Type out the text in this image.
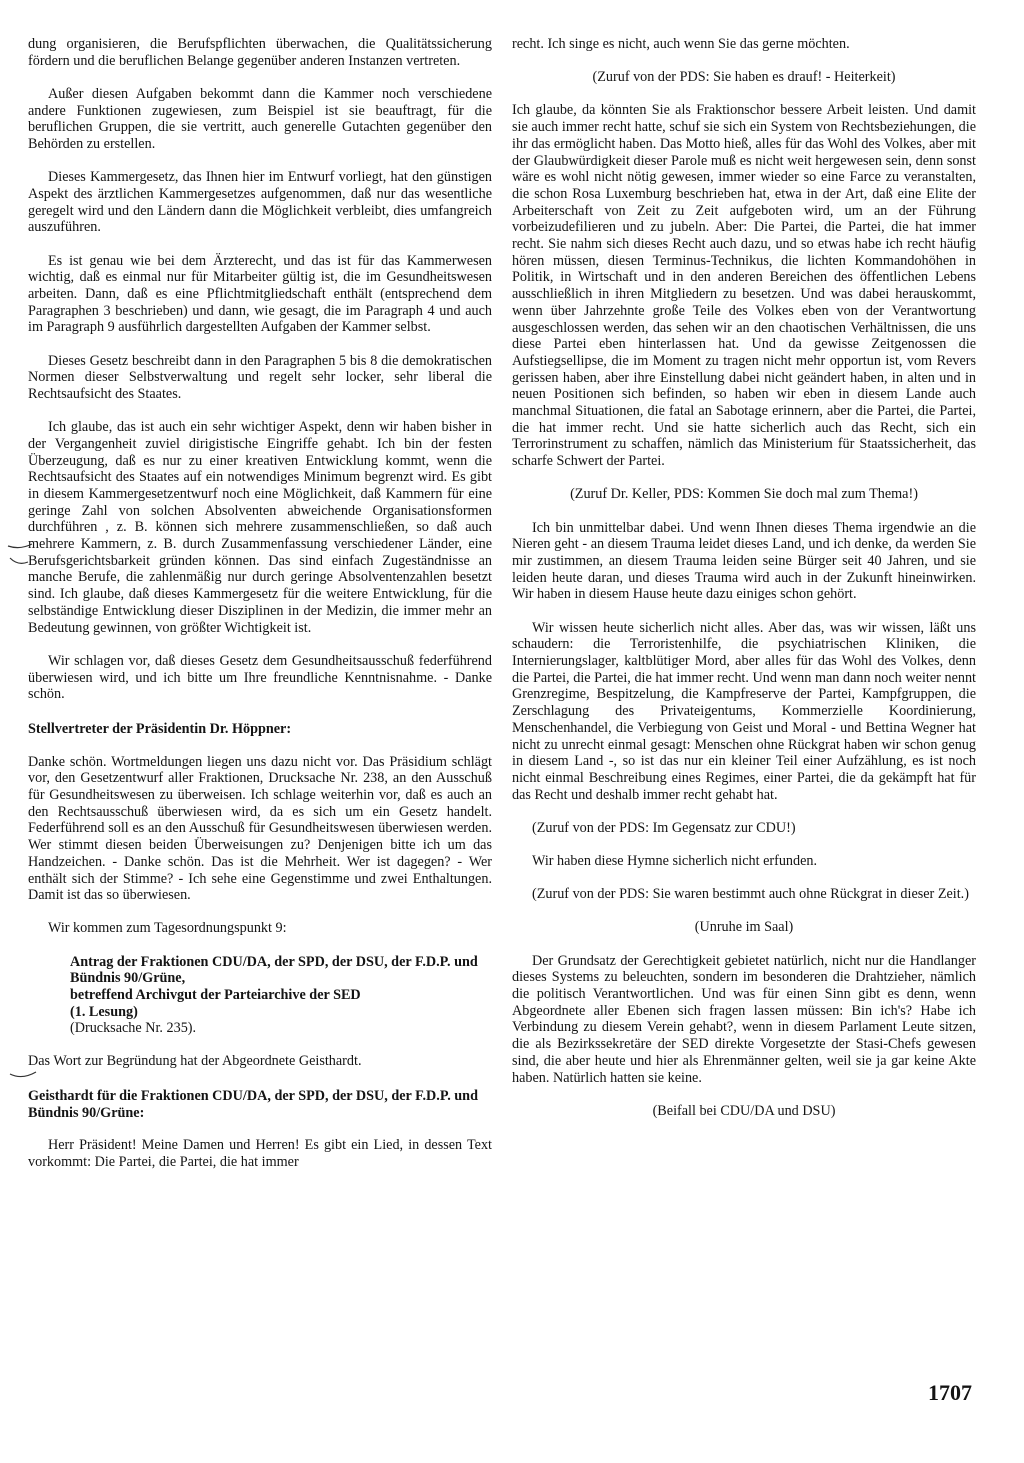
dung organisieren, die Berufspflichten überwachen, die Qualitätssicherung fördern und die beruflichen Belange gegenüber anderen Instanzen vertreten.

Außer diesen Aufgaben bekommt dann die Kammer noch verschiedene andere Funktionen zugewiesen, zum Beispiel ist sie beauftragt, für die beruflichen Gruppen, die sie vertritt, auch generelle Gutachten gegenüber den Behörden zu erstellen.

Dieses Kammergesetz, das Ihnen hier im Entwurf vorliegt, hat den günstigen Aspekt des ärztlichen Kammergesetzes aufgenommen, daß nur das wesentliche geregelt wird und den Ländern dann die Möglichkeit verbleibt, dies umfangreich auszuführen.

Es ist genau wie bei dem Ärzterecht, und das ist für das Kammerwesen wichtig, daß es einmal nur für Mitarbeiter gültig ist, die im Gesundheitswesen arbeiten. Dann, daß es eine Pflichtmitgliedschaft enthält (entsprechend dem Paragraphen 3 beschrieben) und dann, wie gesagt, die im Paragraph 4 und auch im Paragraph 9 ausführlich dargestellten Aufgaben der Kammer selbst.

Dieses Gesetz beschreibt dann in den Paragraphen 5 bis 8 die demokratischen Normen dieser Selbstverwaltung und regelt sehr locker, sehr liberal die Rechtsaufsicht des Staates.

Ich glaube, das ist auch ein sehr wichtiger Aspekt, denn wir haben bisher in der Vergangenheit zuviel dirigistische Eingriffe gehabt. Ich bin der festen Überzeugung, daß es nur zu einer kreativen Entwicklung kommt, wenn die Rechtsaufsicht des Staates auf ein notwendiges Minimum begrenzt wird. Es gibt in diesem Kammergesetzentwurf noch eine Möglichkeit, daß Kammern für eine geringe Zahl von solchen Absolventen abweichende Organisationsformen durchführen , z. B. können sich mehrere zusammenschließen, so daß auch mehrere Kammern, z. B. durch Zusammenfassung verschiedener Länder, eine Berufsgerichtsbarkeit gründen können. Das sind einfach Zugeständnisse an manche Berufe, die zahlenmäßig nur durch geringe Absolventenzahlen besetzt sind. Ich glaube, daß dieses Kammergesetz für die weitere Entwicklung, für die selbständige Entwicklung dieser Disziplinen in der Medizin, die immer mehr an Bedeutung gewinnen, von größter Wichtigkeit ist.

Wir schlagen vor, daß dieses Gesetz dem Gesundheitsausschuß federführend überwiesen wird, und ich bitte um Ihre freundliche Kenntnisnahme. - Danke schön.

Stellvertreter der Präsidentin Dr. Höppner:

Danke schön. Wortmeldungen liegen uns dazu nicht vor. Das Präsidium schlägt vor, den Gesetzentwurf aller Fraktionen, Drucksache Nr. 238, an den Ausschuß für Gesundheitswesen zu überweisen. Ich schlage weiterhin vor, daß es auch an den Rechtsausschuß überwiesen wird, da es sich um ein Gesetz handelt. Federführend soll es an den Ausschuß für Gesundheitswesen überwiesen werden. Wer stimmt diesen beiden Überweisungen zu? Denjenigen bitte ich um das Handzeichen. - Danke schön. Das ist die Mehrheit. Wer ist dagegen? - Wer enthält sich der Stimme? - Ich sehe eine Gegenstimme und zwei Enthaltungen. Damit ist das so überwiesen.

Wir kommen zum Tagesordnungspunkt 9:

Antrag der Fraktionen CDU/DA, der SPD, der DSU, der F.D.P. und Bündnis 90/Grüne,
betreffend Archivgut der Parteiarchive der SED
(1. Lesung)
(Drucksache Nr. 235).

Das Wort zur Begründung hat der Abgeordnete Geisthardt.

Geisthardt für die Fraktionen CDU/DA, der SPD, der DSU, der F.D.P. und Bündnis 90/Grüne:

Herr Präsident! Meine Damen und Herren! Es gibt ein Lied, in dessen Text vorkommt: Die Partei, die Partei, die hat immer

recht. Ich singe es nicht, auch wenn Sie das gerne möchten.

(Zuruf von der PDS: Sie haben es drauf! - Heiterkeit)

Ich glaube, da könnten Sie als Fraktionschor bessere Arbeit leisten. Und damit sie auch immer recht hatte, schuf sie sich ein System von Rechtsbeziehungen, die ihr das ermöglicht haben. Das Motto hieß, alles für das Wohl des Volkes, aber mit der Glaubwürdigkeit dieser Parole muß es nicht weit hergewesen sein, denn sonst wäre es wohl nicht nötig gewesen, immer wieder so eine Farce zu veranstalten, die schon Rosa Luxemburg beschrieben hat, etwa in der Art, daß eine Elite der Arbeiterschaft von Zeit zu Zeit aufgeboten wird, um an der Führung vorbeizudefilieren und zu jubeln. Aber: Die Partei, die Partei, die hat immer recht. Sie nahm sich dieses Recht auch dazu, und so etwas habe ich recht häufig hören müssen, diesen Terminus-Technikus, die lichten Kommandohöhen in Politik, in Wirtschaft und in den anderen Bereichen des öffentlichen Lebens ausschließlich in ihren Mitgliedern zu besetzen. Und was dabei herauskommt, wenn über Jahrzehnte große Teile des Volkes eben von der Verantwortung ausgeschlossen werden, das sehen wir an den chaotischen Verhältnissen, die uns diese Partei eben hinterlassen hat. Und da gewisse Zeitgenossen die Aufstiegsellipse, die im Moment zu tragen nicht mehr opportun ist, vom Revers gerissen haben, aber ihre Einstellung dabei nicht geändert haben, in alten und in neuen Positionen sich befinden, so haben wir eben in diesem Lande auch manchmal Situationen, die fatal an Sabotage erinnern, aber die Partei, die Partei, die hat immer recht. Und sie hatte sicherlich auch das Recht, sich ein Terrorinstrument zu schaffen, nämlich das Ministerium für Staatssicherheit, das scharfe Schwert der Partei.

(Zuruf Dr. Keller, PDS: Kommen Sie doch mal zum Thema!)

Ich bin unmittelbar dabei. Und wenn Ihnen dieses Thema irgendwie an die Nieren geht - an diesem Trauma leidet dieses Land, und ich denke, da werden Sie mir zustimmen, an diesem Trauma leiden seine Bürger seit 40 Jahren, und sie leiden heute daran, und dieses Trauma wird auch in der Zukunft hineinwirken. Wir haben in diesem Hause heute dazu einiges schon gehört.

Wir wissen heute sicherlich nicht alles. Aber das, was wir wissen, läßt uns schaudern: die Terroristenhilfe, die psychiatrischen Kliniken, die Internierungslager, kaltblütiger Mord, aber alles für das Wohl des Volkes, denn die Partei, die Partei, die hat immer recht. Und wenn man dann noch weiter nennt Grenzregime, Bespitzelung, die Kampfreserve der Partei, Kampfgruppen, die Zerschlagung des Privateigentums, Kommerzielle Koordinierung, Menschenhandel, die Verbiegung von Geist und Moral - und Bettina Wegner hat nicht zu unrecht einmal gesagt: Menschen ohne Rückgrat haben wir schon genug in diesem Land -, so ist das nur ein kleiner Teil einer Aufzählung, es ist noch nicht einmal Beschreibung eines Regimes, einer Partei, die da gekämpft hat für das Recht und deshalb immer recht gehabt hat.

(Zuruf von der PDS: Im Gegensatz zur CDU!)

Wir haben diese Hymne sicherlich nicht erfunden.

(Zuruf von der PDS: Sie waren bestimmt auch ohne Rückgrat in dieser Zeit.)

(Unruhe im Saal)

Der Grundsatz der Gerechtigkeit gebietet natürlich, nicht nur die Handlanger dieses Systems zu beleuchten, sondern im besonderen die Drahtzieher, nämlich die politisch Verantwortlichen. Und was für einen Sinn gibt es denn, wenn Abgeordnete aller Ebenen sich fragen lassen müssen: Bin ich's? Habe ich Verbindung zu diesem Verein gehabt?, wenn in diesem Parlament Leute sitzen, die als Bezirkssekretäre der SED direkte Vorgesetzte der Stasi-Chefs gewesen sind, die aber heute und hier als Ehrenmänner gelten, weil sie ja gar keine Akte haben. Natürlich hatten sie keine.

(Beifall bei CDU/DA und DSU)

1707
